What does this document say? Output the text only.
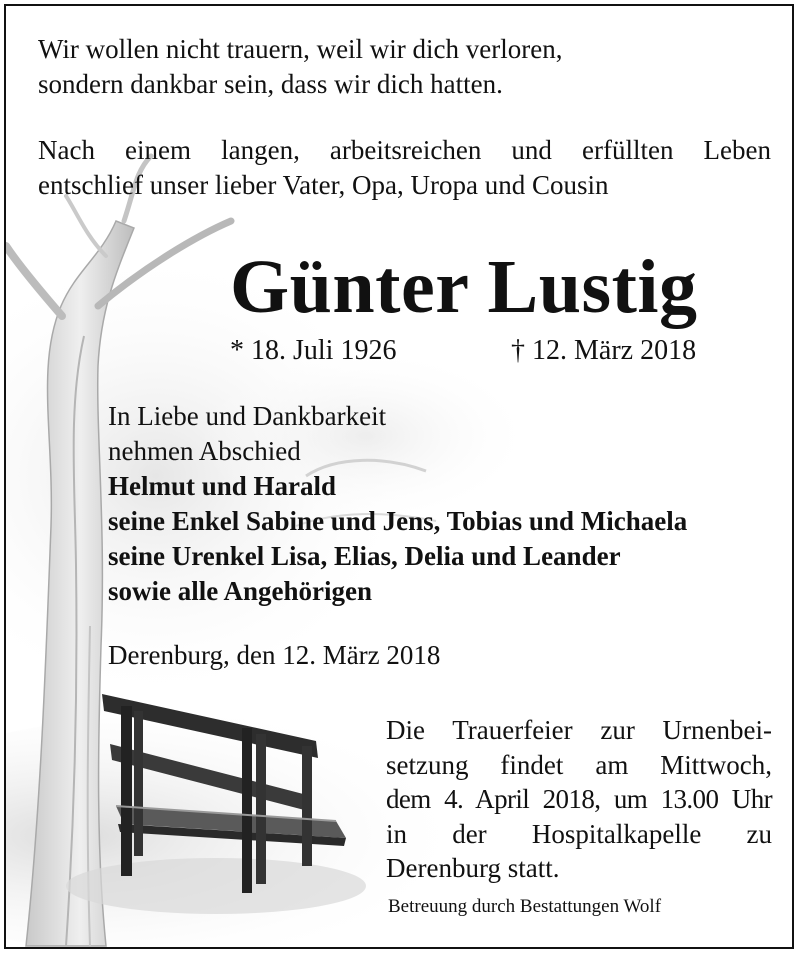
Wir wollen nicht trauern, weil wir dich verloren,
sondern dankbar sein, dass wir dich hatten.
Nach einem langen, arbeitsreichen und erfüllten Leben
entschlief unser lieber Vater, Opa, Uropa und Cousin
Günter Lustig
* 18. Juli 1926	† 12. März 2018
In Liebe und Dankbarkeit
nehmen Abschied
Helmut und Harald
seine Enkel Sabine und Jens, Tobias und Michaela
seine Urenkel Lisa, Elias, Delia und Leander
sowie alle Angehörigen
Derenburg, den 12. März 2018
Die Trauerfeier zur Urnenbei-
setzung findet am Mittwoch,
dem 4. April 2018, um 13.00 Uhr
in der Hospitalkapelle zu
Derenburg statt.
Betreuung durch Bestattungen Wolf
